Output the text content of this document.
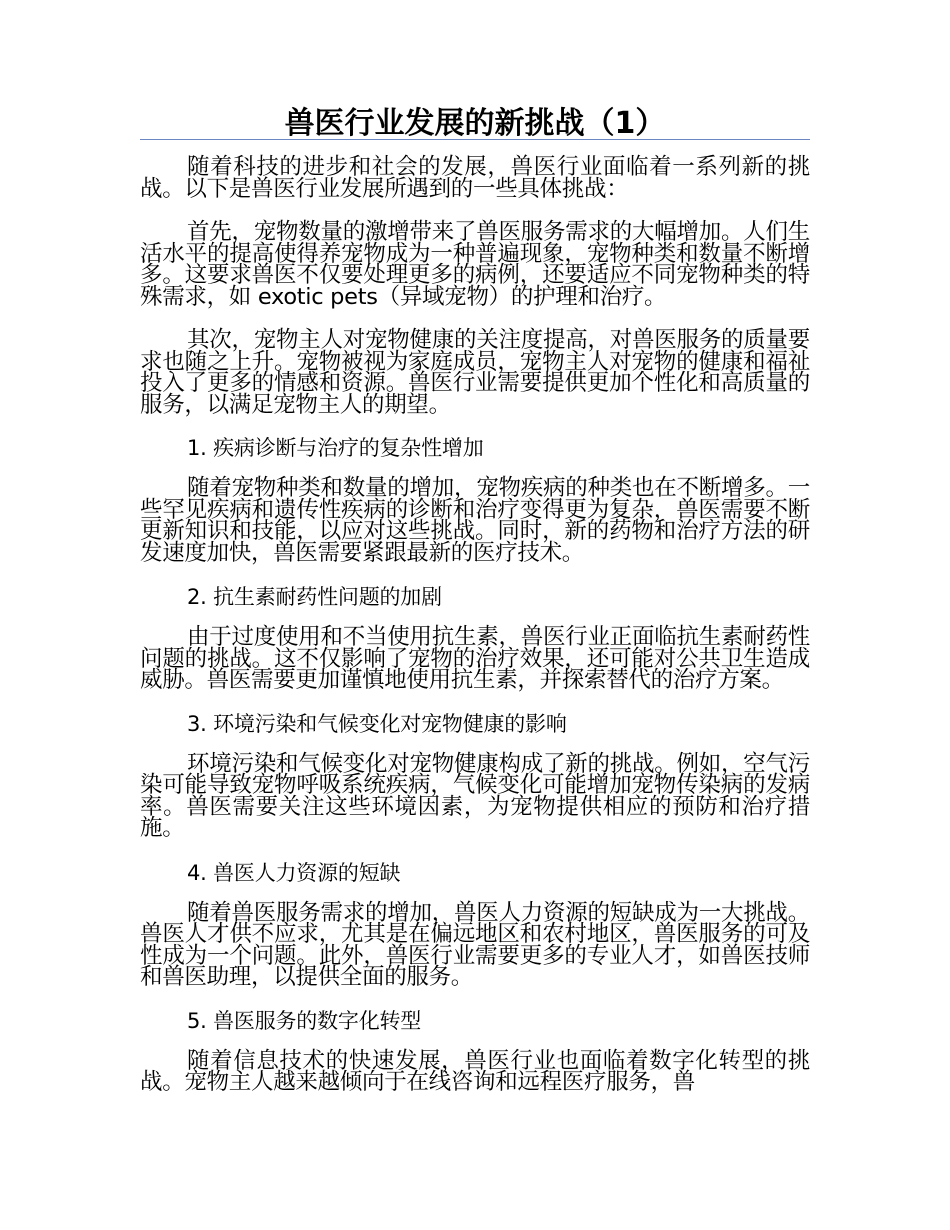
兽医行业发展的新挑战（1）

随着科技的进步和社会的发展，兽医行业面临着一系列新的挑战。以下是兽医行业发展所遇到的一些具体挑战：

首先，宠物数量的激增带来了兽医服务需求的大幅增加。人们生活水平的提高使得养宠物成为一种普遍现象，宠物种类和数量不断增多。这要求兽医不仅要处理更多的病例，还要适应不同宠物种类的特殊需求，如 exotic pets（异域宠物）的护理和治疗。

其次，宠物主人对宠物健康的关注度提高，对兽医服务的质量要求也随之上升。宠物被视为家庭成员，宠物主人对宠物的健康和福祉投入了更多的情感和资源。兽医行业需要提供更加个性化和高质量的服务，以满足宠物主人的期望。

1. 疾病诊断与治疗的复杂性增加

随着宠物种类和数量的增加，宠物疾病的种类也在不断增多。一些罕见疾病和遗传性疾病的诊断和治疗变得更为复杂，兽医需要不断更新知识和技能，以应对这些挑战。同时，新的药物和治疗方法的研发速度加快，兽医需要紧跟最新的医疗技术。

2. 抗生素耐药性问题的加剧

由于过度使用和不当使用抗生素，兽医行业正面临抗生素耐药性问题的挑战。这不仅影响了宠物的治疗效果，还可能对公共卫生造成威胁。兽医需要更加谨慎地使用抗生素，并探索替代的治疗方案。

3. 环境污染和气候变化对宠物健康的影响

环境污染和气候变化对宠物健康构成了新的挑战。例如，空气污染可能导致宠物呼吸系统疾病，气候变化可能增加宠物传染病的发病率。兽医需要关注这些环境因素，为宠物提供相应的预防和治疗措施。

4. 兽医人力资源的短缺

随着兽医服务需求的增加，兽医人力资源的短缺成为一大挑战。兽医人才供不应求，尤其是在偏远地区和农村地区，兽医服务的可及性成为一个问题。此外，兽医行业需要更多的专业人才，如兽医技师和兽医助理，以提供全面的服务。

5. 兽医服务的数字化转型

随着信息技术的快速发展，兽医行业也面临着数字化转型的挑战。宠物主人越来越倾向于在线咨询和远程医疗服务，兽
